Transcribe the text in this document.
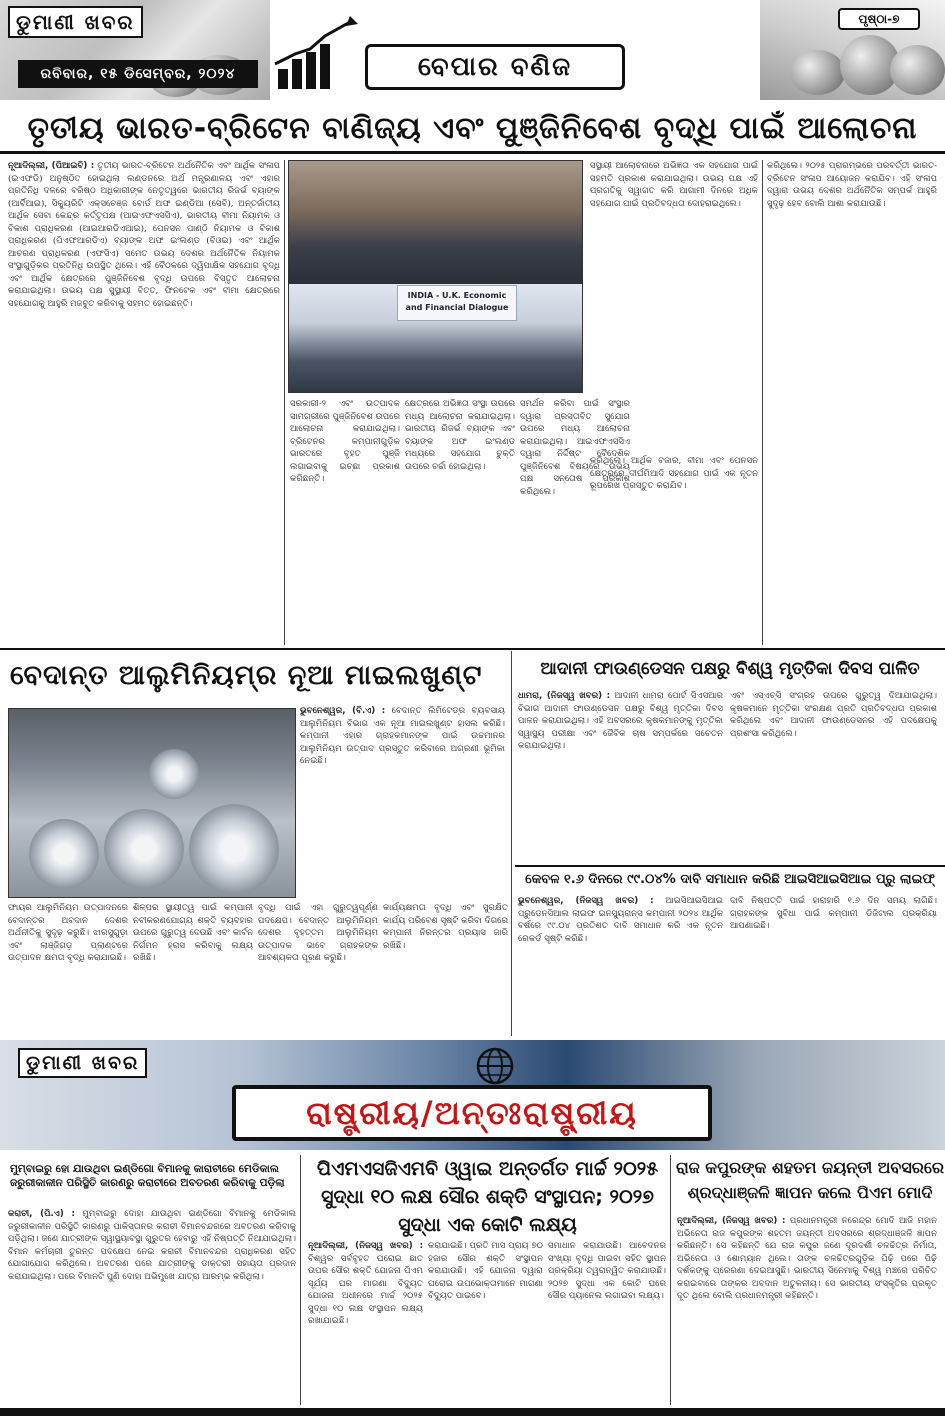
ଡୁମାଣୀ ଖବର
ରବିବାର, ୧୫ ଡିସେମ୍ବର, ୨୦୨୪	ବେପାର ବଣିଜ
ପୃଷ୍ଠା-୭
ତୃତୀୟ ଭାରତ-ବ୍ରିଟେନ ବାଣିଜ୍ୟ ଏବଂ ପୁଞ୍ଜିନିବେଶ ବୃଦ୍ଧି ପାଇଁ ଆଲୋଚନା
ନୂଆଦିଲ୍ଲୀ, (ପିଆଇବି) : ତୃତୀୟ ଭାରତ-ବ୍ରିଟେନ ଅର୍ଥନୈତିକ ଏବଂ ଆର୍ଥିକ ସଂଳାପ (ଇଏଫଡି) ଅନୁଷ୍ଠିତ ହୋଇଥିଲା ଲଣ୍ଡନରେ ଅର୍ଥ ମନ୍ତ୍ରଣାଳୟ ଏବଂ ଏହାର ପ୍ରତିନିଧି ଦଳରେ ବରିଷ୍ଠ ଅଧିକାରୀଙ୍କ ନେତୃତ୍ୱରେ ଭାରତୀୟ ରିଜର୍ଭ ବ୍ୟାଙ୍କ (ଆର୍ବିଆଇ), ସିକ୍ୟୁରିଟି ଏକ୍ସଚେଞ୍ଜ ବୋର୍ଡ ଅଫ ଇଣ୍ଡିଆ (ସେବି), ଅନ୍ତର୍ଜାତୀୟ ଆର୍ଥିକ ସେବା କେନ୍ଦ୍ର କର୍ତ୍ତୃପକ୍ଷ (ଆଇଏଫଏସସିଏ), ଭାରତୀୟ ବୀମା ନିୟାମକ ଓ ବିକାଶ ପ୍ରାଧିକରଣ (ଆଇଆରଡିଏଆଇ), ପେନସନ ପାଣ୍ଠି ନିୟାମକ ଓ ବିକାଶ ପ୍ରାଧିକରଣ (ପିଏଫଆରଡିଏ) ବ୍ୟାଙ୍କ ଅଫ ଇଂଲଣ୍ଡ (ବିଓଇ) ଏବଂ ଆର୍ଥିକ ଆଚରଣ ପ୍ରାଧିକରଣ (ଏଫସିଏ) ସମେତ ଉଭୟ ଦେଶର ଅର୍ଥନୈତିକ ନିୟାମକ ସଂସ୍ଥାଗୁଡ଼ିକର ପ୍ରତିନିଧି ଉପସ୍ଥିତ ଥିଲେ। ଏହି ବୈଠକରେ ଦ୍ୱିପାକ୍ଷିକ ସହଯୋଗ ବୃଦ୍ଧି ଏବଂ ଆର୍ଥିକ କ୍ଷେତ୍ରରେ ପୁଞ୍ଜିନିବେଶ ବୃଦ୍ଧି ଉପରେ ବିସ୍ତୃତ ଆଲୋଚନା କରାଯାଇଥିଲା। ଉଭୟ ପକ୍ଷ ସୁସ୍ଥାୟୀ ବିତ୍ତ, ଫିନଟେକ ଏବଂ ବୀମା କ୍ଷେତ୍ରରେ ସହଯୋଗକୁ ଆହୁରି ମଜବୁତ କରିବାକୁ ସହମତ ହୋଇଛନ୍ତି।
INDIA - U.K. Economic and Financial Dialogue
ସସ୍ଥାୟୀ ଆଲୋଚନାରେ ଅଭିଜ୍ଞତା ଏକ ସହଯୋଗ ପାଇଁ ସହମତି ପ୍ରକାଶ କରାଯାଇଥିଲା। ଉଭୟ ପକ୍ଷ ଏହି ପ୍ରଗତିକୁ ସ୍ୱାଗତ କରି ଆଗାମୀ ଦିନରେ ଅଧିକ ସହଯୋଗ ପାଇଁ ପ୍ରତିବଦ୍ଧତା ଦୋହରାଇଥିଲେ।
କରିଥିଲେ। ୨୦୨୫ ପ୍ରାରମ୍ଭରେ ପରବର୍ତ୍ତୀ ଭାରତ-ବ୍ରିଟେନ ସଂଳାପ ଆୟୋଜନ କରାଯିବ। ଏହି ସଂଳାପ ଦ୍ୱାରା ଉଭୟ ଦେଶର ଅର୍ଥନୈତିକ ସମ୍ପର୍କ ଆହୁରି ସୁଦୃଢ଼ ହେବ ବୋଲି ଆଶା କରାଯାଉଛି।
ସରକାରୀ-୨ ଏବଂ ଉତ୍ପାଦକ ସାମଗ୍ରୀରେ ପୁଞ୍ଜିନିବେଶ ଉପରେ ଆଲୋଚନା କରାଯାଇଥିଲା। ବ୍ରିଟେନର କମ୍ପାନୀଗୁଡ଼ିକ ଭାରତରେ ବୃହତ ପୁଞ୍ଜି ଲଗାଇବାକୁ ଇଚ୍ଛା ପ୍ରକାଶ କରିଛନ୍ତି।
କ୍ଷେତ୍ରରେ ଅଭିଜ୍ଞତା ସଂସ୍ଥା ଉପରେ ମଧ୍ୟ ଆଲୋଚନା କରାଯାଇଥିଲା। ଭାରତୀୟ ରିଜର୍ଭ ବ୍ୟାଙ୍କ ଏବଂ ବ୍ୟାଙ୍କ ଅଫ ଇଂଲଣ୍ଡ ମଧ୍ୟରେ ସହଯୋଗ ଚୁକ୍ତି ଉପରେ ଚର୍ଚ୍ଚା ହୋଇଥିଲା।
ସମର୍ଥନ କରିବା ପାଇଁ ସଂସ୍ଥାର ଦ୍ୱାରା ପ୍ରସ୍ତାବିତ ସୁଯୋଗ ଉପରେ ମଧ୍ୟ ଆଲୋଚନା କରାଯାଇଥିଲା। ଆଇଏଫଏସସିଏ ଦ୍ୱାରା ନିର୍ଦ୍ଦିଷ୍ଟ ବୈଦେଶିକ ପୁଞ୍ଜିନିବେଶ ବିଷୟରେ ଉଭୟ ପକ୍ଷ ସନ୍ତୋଷ ପ୍ରକାଶ କରିଥିଲେ।
କରିଥିଲେ। ଆର୍ଥିକ ବଜାର, ବୀମା ଏବଂ ପେନସନ କ୍ଷେତ୍ରରେ ଦୀର୍ଘମିଆଦି ସହଯୋଗ ପାଇଁ ଏକ ନୂତନ ରୂପରେଖ ପ୍ରସ୍ତୁତ କରାଯିବ।
ବେଦାନ୍ତ ଆଲୁମିନିୟମ୍‌ର ନୂଆ ମାଇଲଖୁଣ୍ଟ
ଭୁବନେଶ୍ୱର, (ବି.ଏ) : ବେଦାନ୍ତ ଲିମିଟେଡ୍‌ର ବ୍ୟବସାୟ ଆଲୁମିନିୟମ ବିଭାଗ ଏକ ନୂଆ ମାଇଲଖୁଣ୍ଟ ହାସଲ କରିଛି। କମ୍ପାନୀ ଏହାର ଗ୍ରାହକମାନଙ୍କ ପାଇଁ ଉଚ୍ଚମାନର ଆଲୁମିନିୟମ ଉତ୍ପାଦ ପ୍ରସ୍ତୁତ କରିବାରେ ଅଗ୍ରଣୀ ଭୂମିକା ନେଇଛି।
ଫାୟର ଆଲୁମିନିୟମ ଉତ୍ପାଦନରେ ବେଦାନ୍ତର ଅବଦାନ ଦେଶର ଅର୍ଥନୀତିକୁ ସୁଦୃଢ଼ କରୁଛି। ଝାରସୁଗୁଡ଼ା ଏବଂ ଲାଞ୍ଜିଗଡ଼ ପ୍ଲାଣ୍ଟରେ ଉତ୍ପାଦନ କ୍ଷମତା ବୃଦ୍ଧି କରାଯାଇଛି।
ଶିଳ୍ପର ସ୍ଥାୟୀତ୍ୱ ପାଇଁ କମ୍ପାନୀ ନବୀକରଣଯୋଗ୍ୟ ଶକ୍ତି ବ୍ୟବହାର ଉପରେ ଗୁରୁତ୍ୱ ଦେଉଛି ଏବଂ କାର୍ବନ ନିର୍ଗମନ ହ୍ରାସ କରିବାକୁ ଲକ୍ଷ୍ୟ ରଖିଛି।
ବୃଦ୍ଧି ପାଇଁ ଏହା ଗୁରୁତ୍ୱପୂର୍ଣ୍ଣ ପଦକ୍ଷେପ। ବେଦାନ୍ତ ଆଲୁମିନିୟମ ଦେଶର ବୃହତ୍ତମ ଆଲୁମିନିୟମ ଉତ୍ପାଦକ ଭାବେ ଗ୍ରାହକଙ୍କ ଆବଶ୍ୟକତା ପୂରଣ କରୁଛି।
କାର୍ଯ୍ୟକ୍ଷମତା ବୃଦ୍ଧି ଏବଂ ସୁରକ୍ଷିତ କାର୍ଯ୍ୟ ପରିବେଶ ସୃଷ୍ଟି କରିବା ଦିଗରେ କମ୍ପାନୀ ନିରନ୍ତର ପ୍ରୟାସ ଜାରି ରଖିଛି।
ଆଦାନୀ ଫାଉଣ୍ଡେସନ ପକ୍ଷରୁ ବିଶ୍ୱ ମୃତ୍ତିକା ଦିବସ ପାଳିତ
ଧାମରା, (ନିଜସ୍ୱ ଖବର) : ଆଦାନୀ ଧାମରା ପୋର୍ଟ ସିଏସଆର ବିଭାଗ ଆଦାନୀ ଫାଉଣ୍ଡେସନ ପକ୍ଷରୁ ବିଶ୍ୱ ମୃତ୍ତିକା ଦିବସ ପାଳନ କରାଯାଇଥିଲା। ଏହି ଅବସରରେ କୃଷକମାନଙ୍କୁ ମୃତ୍ତିକା ସ୍ୱାସ୍ଥ୍ୟ ପରୀକ୍ଷା ଏବଂ ଜୈବିକ ଚାଷ ସମ୍ପର୍କରେ ସଚେତନ କରାଯାଇଥିଲା।
ଏବଂ ଏସ୍‌ଏଚ୍‌ସି ସଂଗ୍ରହ ଉପରେ ଗୁରୁତ୍ୱ ଦିଆଯାଇଥିଲା। କୃଷକମାନେ ମୃତ୍ତିକା ସଂରକ୍ଷଣ ପ୍ରତି ପ୍ରତିବଦ୍ଧତା ପ୍ରକାଶ କରିଥିଲେ ଏବଂ ଆଦାନୀ ଫାଉଣ୍ଡେସନର ଏହି ପଦକ୍ଷେପକୁ ପ୍ରଶଂସା କରିଥିଲେ।
କେବଳ ୧.୬ ଦିନରେ ୯୯.୦୪% ଦାବି ସମାଧାନ କରିଛି ଆଇସିଆଇସିଆଇ ପ୍ରୁ ଲାଇଫ୍
ଭୁବନେଶ୍ୱର, (ନିଜସ୍ୱ ଖବର) : ଆଇସିଆଇସିଆଇ ପ୍ରୁଡେନସିଆଲ ଲାଇଫ ଇନସ୍ୟୁରାନ୍ସ କମ୍ପାନୀ ୨୦୨୪ ଆର୍ଥିକ ବର୍ଷରେ ୯୯.୦୪ ପ୍ରତିଶତ ଦାବି ସମାଧାନ କରି ଏକ ନୂତନ ରେକର୍ଡ ସୃଷ୍ଟି କରିଛି।
ଦାବି ନିଷ୍ପତ୍ତି ପାଇଁ ହାରାହାରି ୧.୬ ଦିନ ସମୟ ଲାଗିଛି। ଗ୍ରାହକଙ୍କ ସୁବିଧା ପାଇଁ କମ୍ପାନୀ ଡିଜିଟାଲ ପ୍ରକ୍ରିୟା ଆପଣାଇଛି।
ଡୁମାଣୀ ଖବର
ରାଷ୍ଟ୍ରୀୟ/ଅନ୍ତଃରାଷ୍ଟ୍ରୀୟ
ମୁମ୍ବାଇରୁ ହୋ ଯାଉଥିବା ଇଣ୍ଡିଗୋ ବିମାନକୁ କାରାଚୀରେ ମେଡିକାଲ ଜରୁରୀକାଳୀନ ପରିସ୍ଥିତି କାରଣରୁ କରାଚୀରେ ଅବତରଣ କରିବାକୁ ପଡ଼ିଲା
କରାଚୀ, (ପି.ଏ) : ମୁମ୍ବାଇରୁ ଦୋହା ଯାଉଥିବା ଇଣ୍ଡିଗୋ ବିମାନକୁ ମେଡିକାଲ ଜରୁରୀକାଳୀନ ପରିସ୍ଥିତି କାରଣରୁ ପାକିସ୍ତାନର କରାଚୀ ବିମାନବନ୍ଦରରେ ଅବତରଣ କରିବାକୁ ପଡ଼ିଥିଲା। ଜଣେ ଯାତ୍ରୀଙ୍କ ସ୍ୱାସ୍ଥ୍ୟାବସ୍ଥା ଗୁରୁତର ହେବାରୁ ଏହି ନିଷ୍ପତ୍ତି ନିଆଯାଇଥିଲା। ବିମାନ କର୍ମଚାରୀ ତୁରନ୍ତ ପଦକ୍ଷେପ ନେଇ କରାଚୀ ବିମାନବନ୍ଦର ପ୍ରାଧିକରଣ ସହିତ ଯୋଗାଯୋଗ କରିଥିଲେ। ଅବତରଣ ପରେ ଯାତ୍ରୀଙ୍କୁ ଡାକ୍ତରୀ ସହାୟତା ପ୍ରଦାନ କରାଯାଇଥିଲା। ପରେ ବିମାନଟି ପୁଣି ଦୋହା ଅଭିମୁଖେ ଯାତ୍ରା ଆରମ୍ଭ କରିଥିଲା।
ପିଏମଏସଜିଏମବି ଓ୍ୱାଇ ଅନ୍ତର୍ଗତ ମାର୍ଚ୍ଚ ୨୦୨୫ ସୁଦ୍ଧା ୧୦ ଲକ୍ଷ ସୌର ଶକ୍ତି ସଂସ୍ଥାପନ; ୨୦୨୭ ସୁଦ୍ଧା ଏକ କୋଟି ଲକ୍ଷ୍ୟ
ନୂଆଦିଲ୍ଲୀ, (ନିଜସ୍ୱ ଖବର) : ବିଶ୍ୱର ସର୍ବବୃହତ ଘରୋଇ ଛାତ ଉପର ସୌର ଶକ୍ତି ଯୋଜନା ପିଏମ ସୂର୍ଯ୍ୟ ଘର ମାଗଣା ବିଦ୍ୟୁତ ଯୋଜନା ଅଧୀନରେ ମାର୍ଚ୍ଚ ୨୦୨୫ ସୁଦ୍ଧା ୧୦ ଲକ୍ଷ ସଂସ୍ଥାପନ ଲକ୍ଷ୍ୟ ରଖାଯାଇଛି।
କରାଯାଇଛି। ପ୍ରତି ମାସ ପ୍ରାୟ ୭୦ ହଜାର ସୌର ଶକ୍ତି ସଂସ୍ଥାପନ କରାଯାଉଛି। ଏହି ଯୋଜନା ଦ୍ୱାରା ଘରୋଇ ଉପଭୋକ୍ତାମାନେ ମାଗଣା ବିଦ୍ୟୁତ ପାଇବେ।
ସମାଧାନ କରାଯାଉଛି। ଆବେଦନର ସଂଖ୍ୟା ବୃଦ୍ଧି ପାଇବା ସହିତ ସ୍ଥାପନ ପ୍ରକ୍ରିୟା ତ୍ୱରାନ୍ୱିତ କରାଯାଉଛି। ୨୦୨୭ ସୁଦ୍ଧା ଏକ କୋଟି ଘରେ ସୌର ପ୍ୟାନେଲ ଲଗାଇବା ଲକ୍ଷ୍ୟ।
ରାଜ କପୁରଙ୍କ ଶହତମ ଜୟନ୍ତୀ ଅବସରରେ ଶ୍ରଦ୍ଧାଞ୍ଜଳି ଜ୍ଞାପନ କଲେ ପିଏମ ମୋଦି
ନୂଆଦିଲ୍ଲୀ, (ନିଜସ୍ୱ ଖବର) : ପ୍ରଧାନମନ୍ତ୍ରୀ ନରେନ୍ଦ୍ର ମୋଦି ଆଜି ମହାନ ଅଭିନେତା ରାଜ କପୁରଙ୍କ ଶହତମ ଜୟନ୍ତୀ ଅବସରରେ ଶ୍ରଦ୍ଧାଞ୍ଜଳି ଜ୍ଞାପନ କରିଛନ୍ତି। ସେ କହିଛନ୍ତି ଯେ ରାଜ କପୁର ଜଣେ ଦୂରଦର୍ଶୀ ଚଳଚ୍ଚିତ୍ର ନିର୍ମାତା, ଅଭିନେତା ଓ ଶୋମ୍ୟାନ ଥିଲେ। ତାଙ୍କ ଚଳଚ୍ଚିତ୍ରଗୁଡ଼ିକ ପିଢ଼ି ପରେ ପିଢ଼ି ଦର୍ଶକଙ୍କୁ ପ୍ରେରଣା ଦେଇଆସୁଛି। ଭାରତୀୟ ସିନେମାକୁ ବିଶ୍ୱ ମଞ୍ଚରେ ପରିଚିତ କରାଇବାରେ ତାଙ୍କର ଅବଦାନ ଅତୁଳନୀୟ। ସେ ଭାରତୀୟ ସଂସ୍କୃତିର ପ୍ରକୃତ ଦୂତ ଥିଲେ ବୋଲି ପ୍ରଧାନମନ୍ତ୍ରୀ କହିଛନ୍ତି।
